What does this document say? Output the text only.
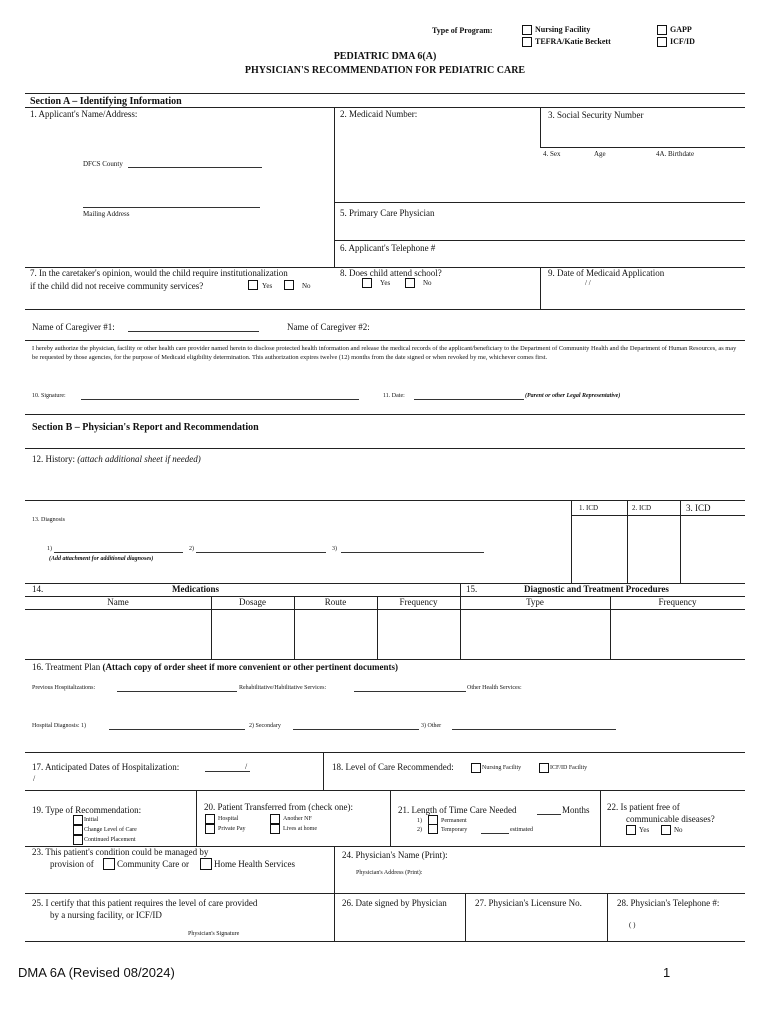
Type of Program:	Nursing Facility
TEFRA/Katie Beckett
GAPP
ICF/ID
PEDIATRIC DMA 6(A)
PHYSICIAN'S RECOMMENDATION FOR PEDIATRIC CARE
Section A – Identifying Information
1. Applicant's Name/Address:
DFCS County
Mailing Address
2. Medicaid Number:	3. Social Security Number
4. Sex	Age	4A. Birthdate
5. Primary Care Physician
6. Applicant's Telephone #
7. In the caretaker's opinion, would the child require institutionalization
if the child did not receive community services?	Yes	No
8. Does child attend school?
Yes	No
9. Date of Medicaid Application
/ /
Name of Caregiver #1:	Name of Caregiver #2:
I hereby authorize the physician, facility or other health care provider named herein to disclose protected health information and release the medical records of the applicant/beneficiary to the Department of Community Health and the Department of Human Resources, as may be requested by those agencies, for the purpose of Medicaid eligibility determination. This authorization expires twelve (12) months from the date signed or when revoked by me, whichever comes first.
10. Signature:	11. Date:	(Parent or other Legal Representative)
Section B – Physician's Report and Recommendation
12. History: (attach additional sheet if needed)
1. ICD	2. ICD	3. ICD
13. Diagnosis
1)	2)	3)
(Add attachment for additional diagnoses)
14.	Medications
Name	Dosage	Route	Frequency
15.	Diagnostic and Treatment Procedures
Type	Frequency
16. Treatment Plan (Attach copy of order sheet if more convenient or other pertinent documents)
Previous Hospitalizations:	Rehabilitative/Habilitative Services:	Other Health Services:
Hospital Diagnosis: 1)	2) Secondary	3) Other
17. Anticipated Dates of Hospitalization:	/
/
18. Level of Care Recommended:	Nursing Facility	ICF/ID Facility
19. Type of Recommendation:
Initial
Change Level of Care
Continued Placement
20. Patient Transferred from (check one):
Hospital	Another NF
Private Pay	Lives at home
21. Length of Time Care Needed	Months
1)	Permanent
2)	Temporary	estimated
22. Is patient free of
communicable diseases?
Yes	No
23. This patient's condition could be managed by
provision of	Community Care or	Home Health Services
24. Physician's Name (Print):
Physician's Address (Print):
25. I certify that this patient requires the level of care provided
by a nursing facility, or ICF/ID
Physician's Signature
26. Date signed by Physician	27. Physician's Licensure No.	28. Physician's Telephone #:
( )
DMA 6A (Revised 08/2024)	1
